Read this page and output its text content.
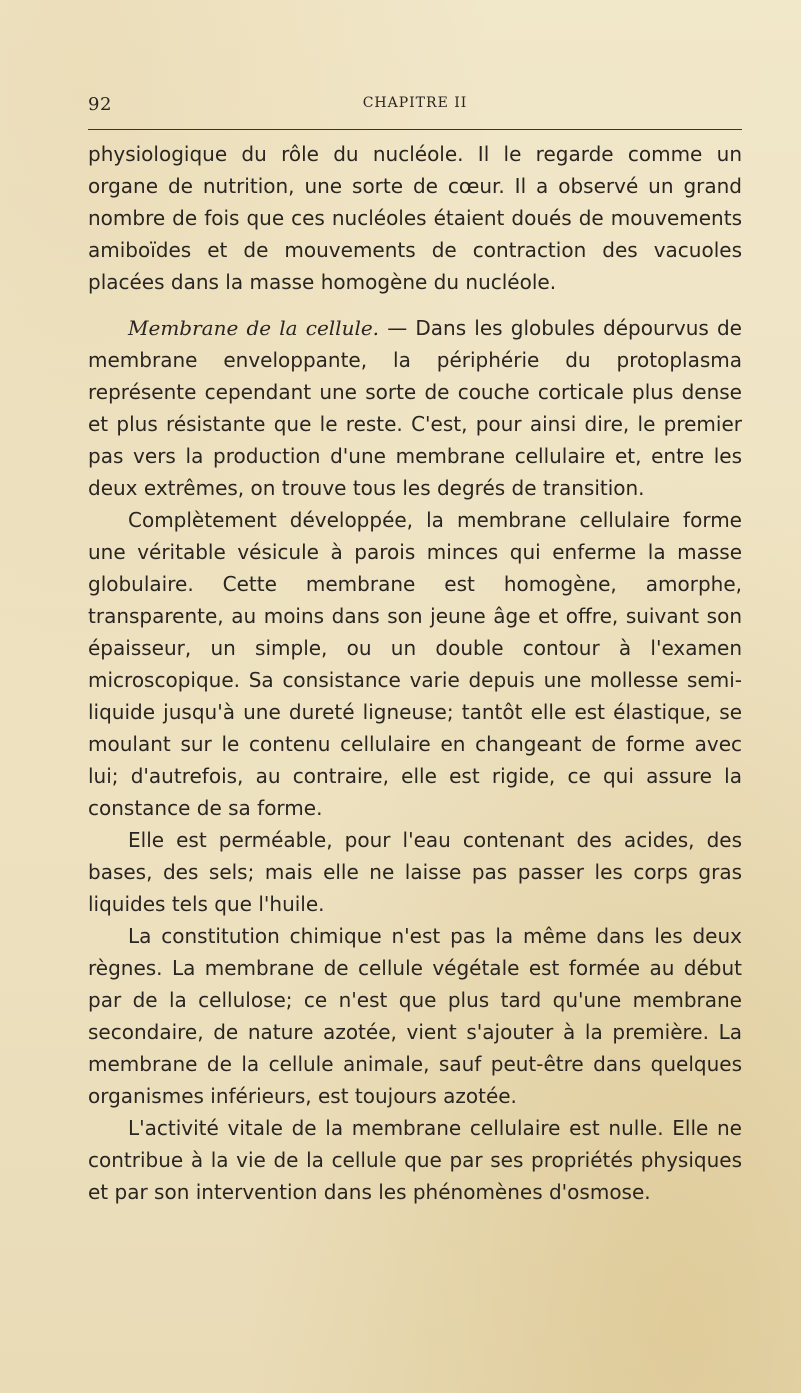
92	CHAPITRE II

physiologique du rôle du nucléole. Il le regarde comme un organe de nutrition, une sorte de cœur. Il a observé un grand nombre de fois que ces nucléoles étaient doués de mouvements amiboïdes et de mouvements de contraction des vacuoles placées dans la masse homogène du nucléole.

Membrane de la cellule. — Dans les globules dépourvus de membrane enveloppante, la périphérie du protoplasma représente cependant une sorte de couche corticale plus dense et plus résistante que le reste. C'est, pour ainsi dire, le premier pas vers la production d'une membrane cellulaire et, entre les deux extrêmes, on trouve tous les degrés de transition.

Complètement développée, la membrane cellulaire forme une véritable vésicule à parois minces qui enferme la masse globulaire. Cette membrane est homogène, amorphe, transparente, au moins dans son jeune âge et offre, suivant son épaisseur, un simple, ou un double contour à l'examen microscopique. Sa consistance varie depuis une mollesse semi-liquide jusqu'à une dureté ligneuse; tantôt elle est élastique, se moulant sur le contenu cellulaire en changeant de forme avec lui; d'autrefois, au contraire, elle est rigide, ce qui assure la constance de sa forme.

Elle est perméable, pour l'eau contenant des acides, des bases, des sels; mais elle ne laisse pas passer les corps gras liquides tels que l'huile.

La constitution chimique n'est pas la même dans les deux règnes. La membrane de cellule végétale est formée au début par de la cellulose; ce n'est que plus tard qu'une membrane secondaire, de nature azotée, vient s'ajouter à la première. La membrane de la cellule animale, sauf peut-être dans quelques organismes inférieurs, est toujours azotée.

L'activité vitale de la membrane cellulaire est nulle. Elle ne contribue à la vie de la cellule que par ses propriétés physiques et par son intervention dans les phénomènes d'osmose.
